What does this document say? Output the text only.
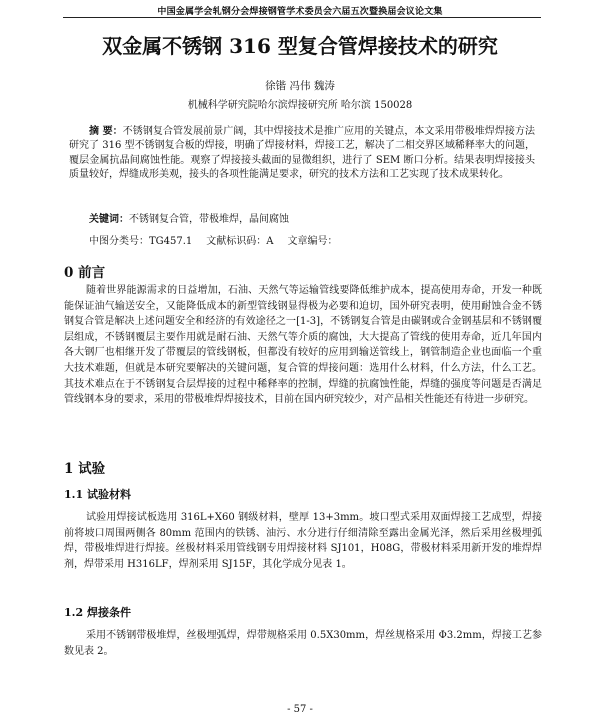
中国金属学会轧钢分会焊接钢管学术委员会六届五次暨换届会议论文集
双金属不锈钢 316 型复合管焊接技术的研究
徐锴 冯伟 魏涛
机械科学研究院哈尔滨焊接研究所 哈尔滨 150028
摘 要：不锈钢复合管发展前景广阔，其中焊接技术是推广应用的关键点，本文采用带极堆焊焊接方法研究了 316 型不锈钢复合板的焊接，明确了焊接材料，焊接工艺，解决了二相交界区域稀释率大的问题，覆层金属抗晶间腐蚀性能。观察了焊接接头截面的显微组织，进行了 SEM 断口分析。结果表明焊接接头质量较好，焊缝成形美观，接头的各项性能满足要求，研究的技术方法和工艺实现了技术成果转化。
关键词：不锈钢复合管，带极堆焊，晶间腐蚀
中图分类号：TG457.1 文献标识码：A 文章编号：
0 前言
随着世界能源需求的日益增加，石油、天然气等运输管线要降低维护成本，提高使用寿命，开发一种既能保证油气输送安全，又能降低成本的新型管线钢显得极为必要和迫切，国外研究表明，使用耐蚀合金不锈钢复合管是解决上述问题安全和经济的有效途径之一[1-3]，不锈钢复合管是由碳钢或合金钢基层和不锈钢覆层组成，不锈钢覆层主要作用就是耐石油、天然气等介质的腐蚀，大大提高了管线的使用寿命，近几年国内各大钢厂也相继开发了带覆层的管线钢板，但都没有较好的应用到输送管线上，钢管制造企业也面临一个重大技术难题，但就是本研究要解决的关键问题，复合管的焊接问题：选用什么材料，什么方法，什么工艺。其技术难点在于不锈钢复合层焊接的过程中稀释率的控制，焊缝的抗腐蚀性能，焊缝的强度等问题是否满足管线钢本身的要求，采用的带极堆焊焊接技术，目前在国内研究较少，对产品相关性能还有待进一步研究。
1 试验
1.1 试验材料
试验用焊接试板选用 316L+X60 钢级材料，壁厚 13+3mm。坡口型式采用双面焊接工艺成型，焊接前将坡口周围两侧各 80mm 范围内的铁锈、油污、水分进行仔细清除至露出金属光泽，然后采用丝极埋弧焊，带极堆焊进行焊接。丝极材料采用管线钢专用焊接材料 SJ101，H08G，带极材料采用新开发的堆焊焊剂，焊带采用 H316LF，焊剂采用 SJ15F，其化学成分见表 1。
1.2 焊接条件
采用不锈钢带极堆焊，丝极埋弧焊，焊带规格采用 0.5X30mm，焊丝规格采用 Φ3.2mm，焊接工艺参数见表 2。
- 57 -
